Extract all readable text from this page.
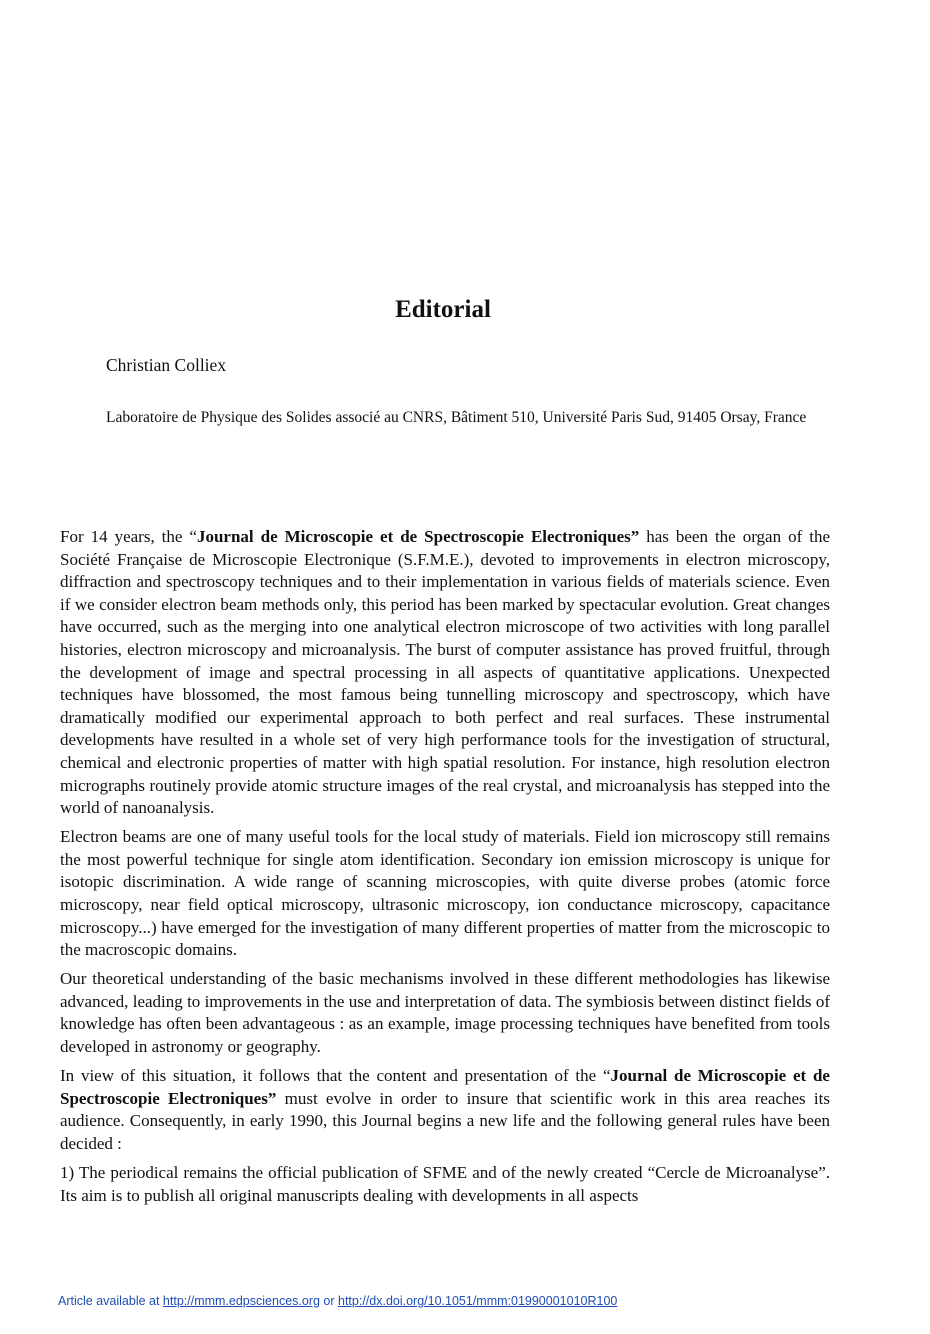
Editorial

Christian Colliex

Laboratoire de Physique des Solides associé au CNRS, Bâtiment 510, Université Paris Sud, 91405 Orsay, France

For 14 years, the “Journal de Microscopie et de Spectroscopie Electroniques” has been the organ of the Société Française de Microscopie Electronique (S.F.M.E.), devoted to improvements in electron microscopy, diffraction and spectroscopy techniques and to their implementation in various fields of materials science. Even if we consider electron beam methods only, this period has been marked by spectacular evolution. Great changes have occurred, such as the merging into one analytical electron microscope of two activities with long parallel histories, electron microscopy and microanalysis. The burst of computer assistance has proved fruitful, through the development of image and spectral processing in all aspects of quantitative applications. Unexpected techniques have blossomed, the most famous being tunnelling microscopy and spectroscopy, which have dramatically modified our experimental approach to both perfect and real surfaces. These instrumental developments have resulted in a whole set of very high performance tools for the investigation of structural, chemical and electronic properties of matter with high spatial resolution. For instance, high resolution electron micrographs routinely provide atomic structure images of the real crystal, and microanalysis has stepped into the world of nanoanalysis.

Electron beams are one of many useful tools for the local study of materials. Field ion microscopy still remains the most powerful technique for single atom identification. Secondary ion emission microscopy is unique for isotopic discrimination. A wide range of scanning microscopies, with quite diverse probes (atomic force microscopy, near field optical microscopy, ultrasonic microscopy, ion conductance microscopy, capacitance microscopy...) have emerged for the investigation of many different properties of matter from the microscopic to the macroscopic domains.

Our theoretical understanding of the basic mechanisms involved in these different methodologies has likewise advanced, leading to improvements in the use and interpretation of data. The symbiosis between distinct fields of knowledge has often been advantageous : as an example, image processing techniques have benefited from tools developed in astronomy or geography.

In view of this situation, it follows that the content and presentation of the “Journal de Microscopie et de Spectroscopie Electroniques” must evolve in order to insure that scientific work in this area reaches its audience. Consequently, in early 1990, this Journal begins a new life and the following general rules have been decided :

1) The periodical remains the official publication of SFME and of the newly created “Cercle de Microanalyse”. Its aim is to publish all original manuscripts dealing with developments in all aspects

Article available at http://mmm.edpsciences.org or http://dx.doi.org/10.1051/mmm:01990001010R100
